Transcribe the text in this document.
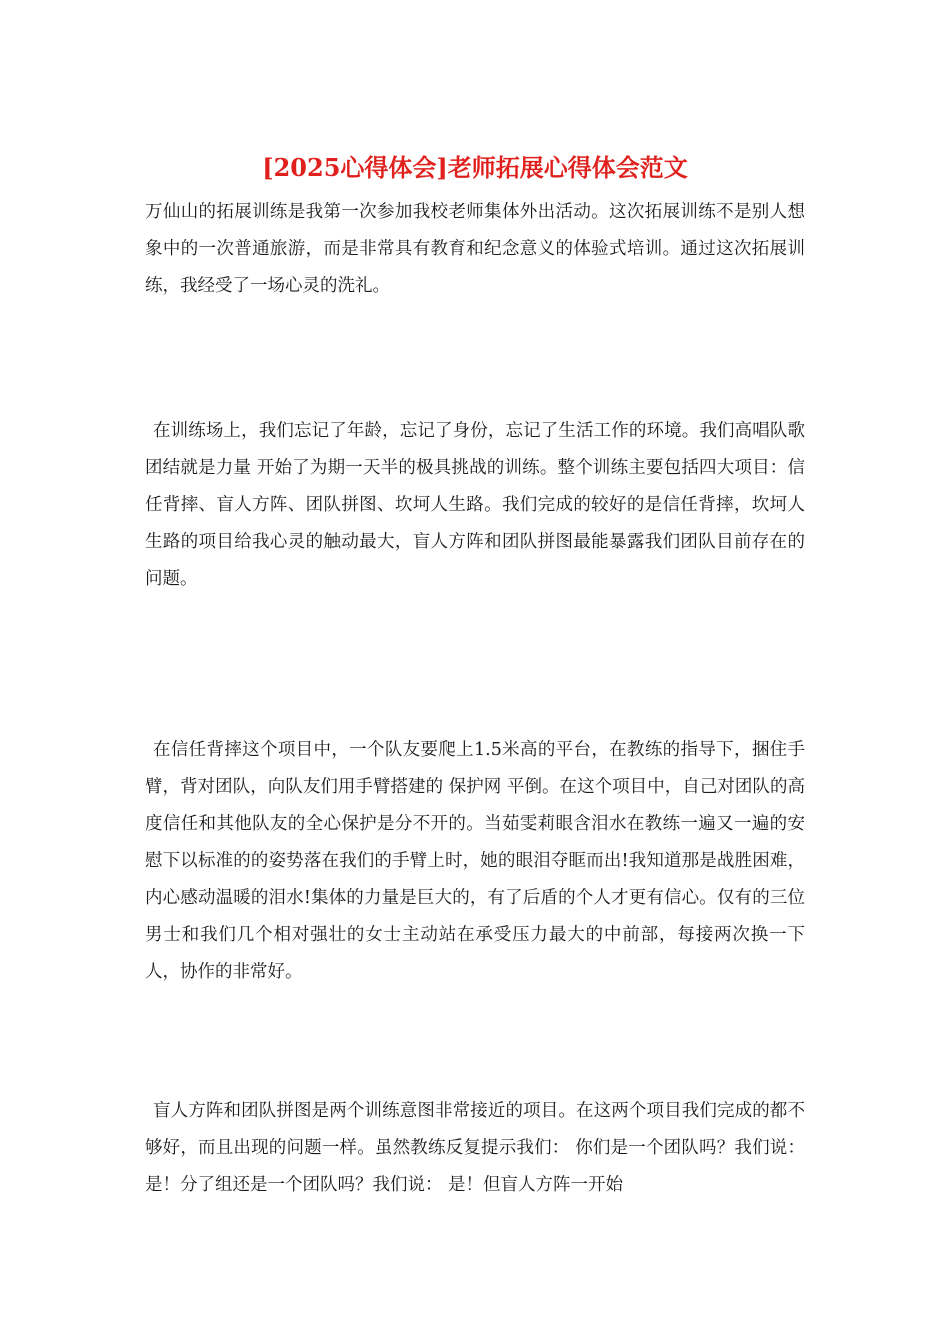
[2025心得体会]老师拓展心得体会范文

万仙山的拓展训练是我第一次参加我校老师集体外出活动。这次拓展训练不是别人想象中的一次普通旅游，而是非常具有教育和纪念意义的体验式培训。通过这次拓展训练，我经受了一场心灵的洗礼。

在训练场上，我们忘记了年龄，忘记了身份，忘记了生活工作的环境。我们高唱队歌 团结就是力量 开始了为期一天半的极具挑战的训练。整个训练主要包括四大项目：信任背摔、盲人方阵、团队拼图、坎坷人生路。我们完成的较好的是信任背摔，坎坷人生路的项目给我心灵的触动最大，盲人方阵和团队拼图最能暴露我们团队目前存在的问题。

在信任背摔这个项目中，一个队友要爬上1.5米高的平台，在教练的指导下，捆住手臂，背对团队，向队友们用手臂搭建的 保护网 平倒。在这个项目中，自己对团队的高度信任和其他队友的全心保护是分不开的。当茹雯莉眼含泪水在教练一遍又一遍的安慰下以标准的的姿势落在我们的手臂上时，她的眼泪夺眶而出!我知道那是战胜困难，内心感动温暖的泪水!集体的力量是巨大的，有了后盾的个人才更有信心。仅有的三位男士和我们几个相对强壮的女士主动站在承受压力最大的中前部，每接两次换一下人，协作的非常好。

盲人方阵和团队拼图是两个训练意图非常接近的项目。在这两个项目我们完成的都不够好，而且出现的问题一样。虽然教练反复提示我们： 你们是一个团队吗？我们说： 是！分了组还是一个团队吗？我们说： 是！但盲人方阵一开始
